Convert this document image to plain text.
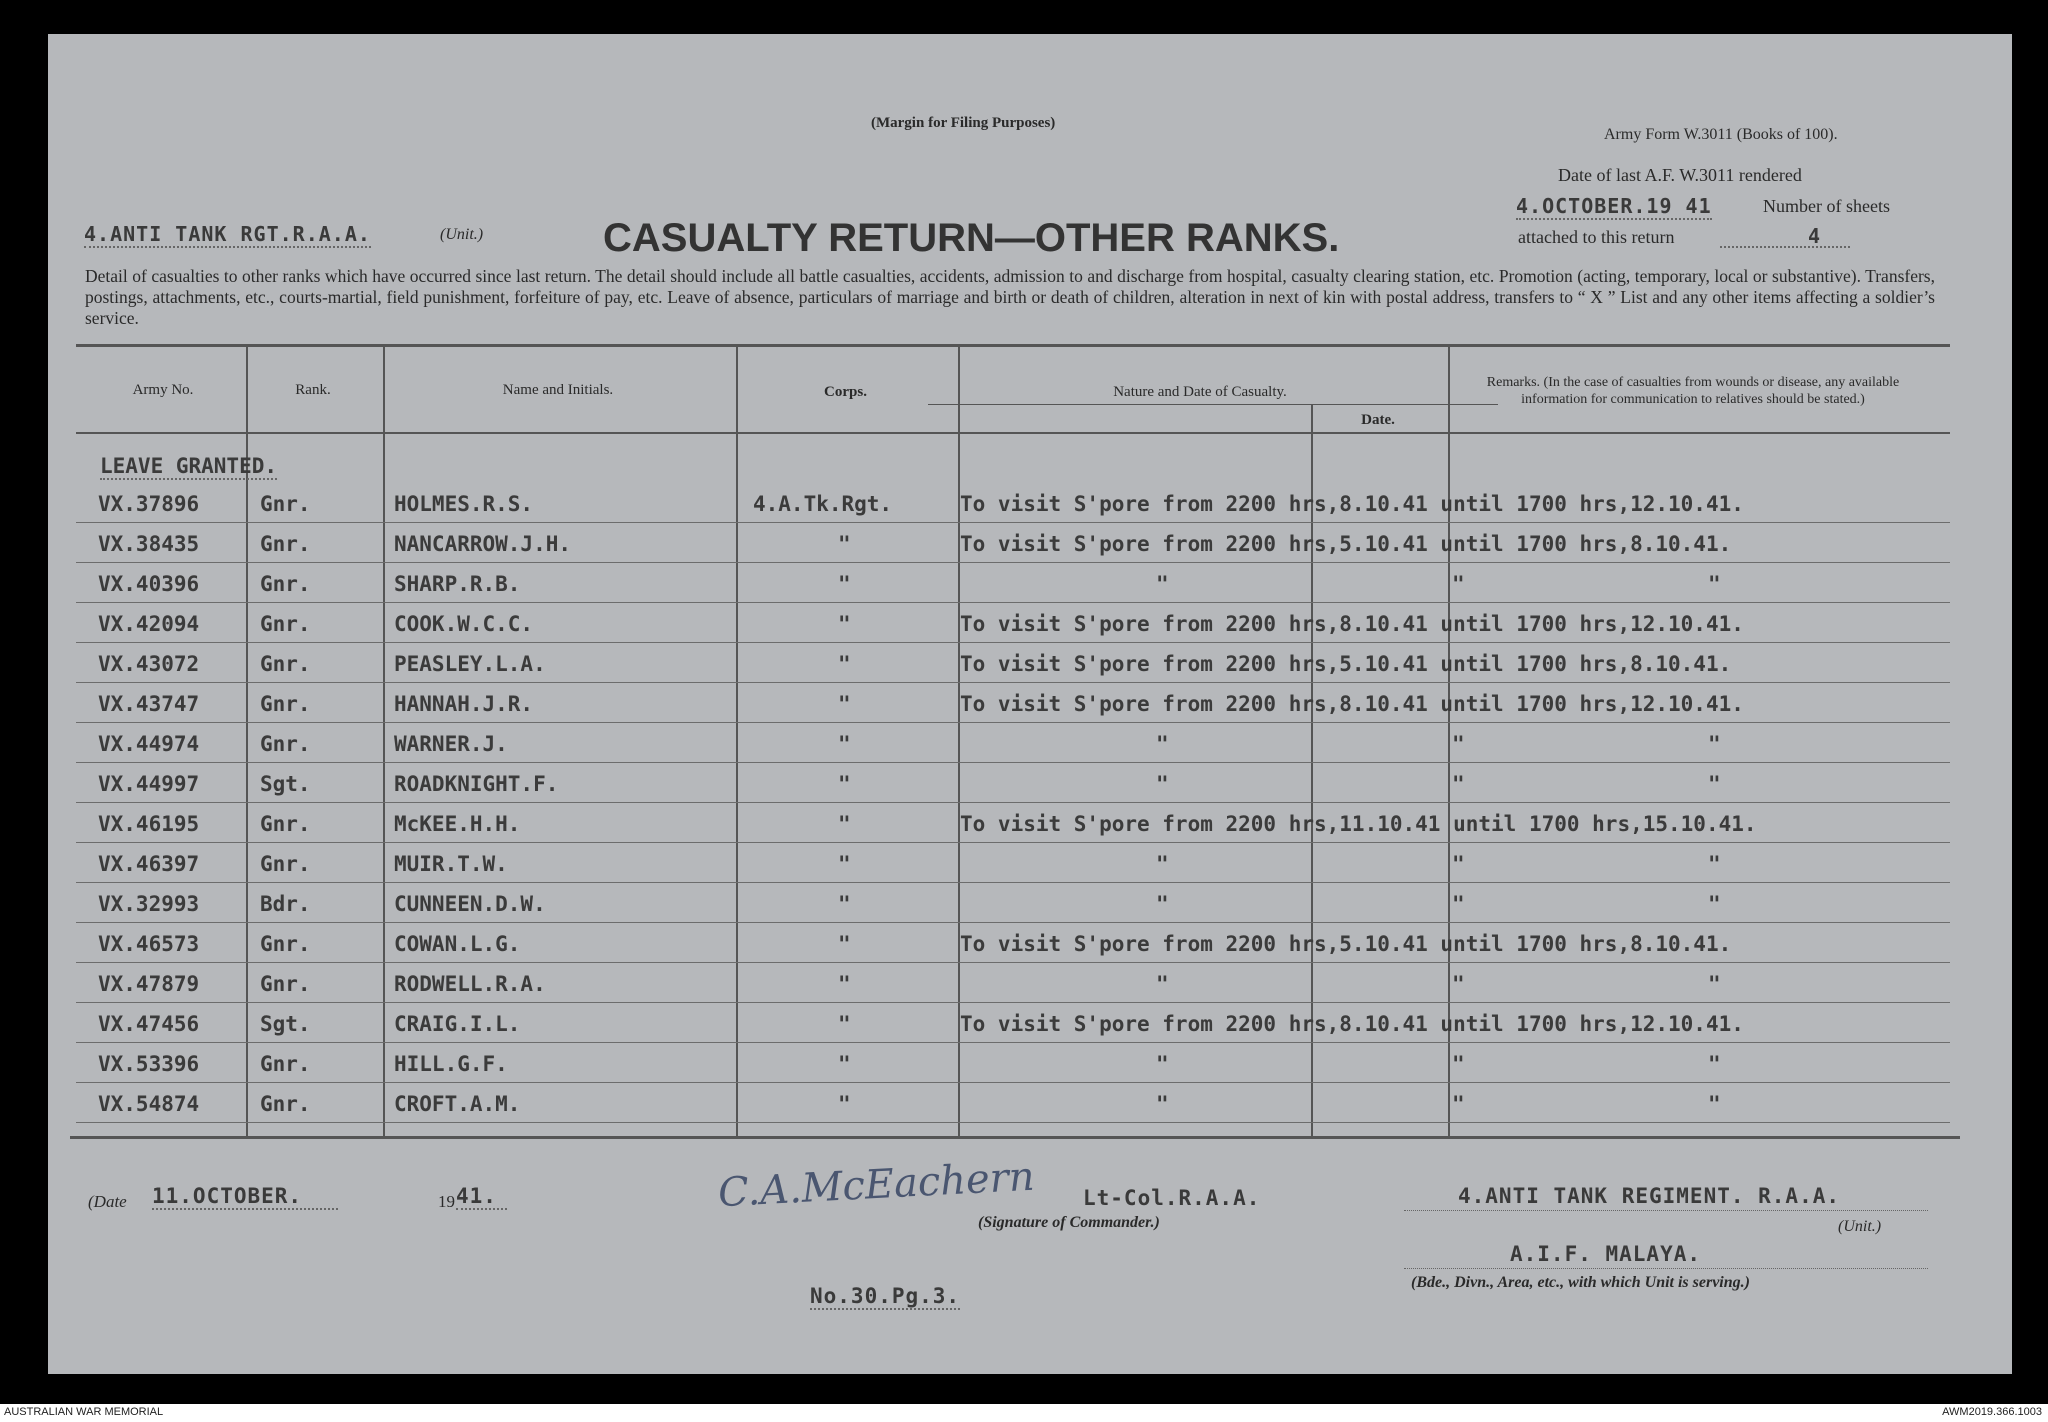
(Margin for Filing Purposes)
Army Form W.3011 (Books of 100).
Date of last A.F. W.3011 rendered
4.OCTOBER.19 41	Number of sheets
attached to this return	4
4.ANTI TANK RGT.R.A.A.	(Unit.)	CASUALTY RETURN—OTHER RANKS.
Detail of casualties to other ranks which have occurred since last return. The detail should include all battle casualties, accidents, admission to and discharge from hospital, casualty clearing station, etc. Promotion (acting, temporary, local or substantive). Transfers, postings, attachments, etc., courts-martial, field punishment, forfeiture of pay, etc. Leave of absence, particulars of marriage and birth or death of children, alteration in next of kin with postal address, transfers to “ X ” List and any other items affecting a soldier’s service.
Army No.	Rank.	Name and Initials.	Corps.	Nature and Date of Casualty.
Date.
Remarks. (In the case of casualties from wounds or disease, any available information for communication to relatives should be stated.)
LEAVE GRANTED.
VX.37896	Gnr.	HOLMES.R.S.	4.A.Tk.Rgt.	To visit S'pore from 2200 hrs,8.10.41 until 1700 hrs,12.10.41.
VX.38435	Gnr.	NANCARROW.J.H.	"	To visit S'pore from 2200 hrs,5.10.41 until 1700 hrs,8.10.41.
VX.40396	Gnr.	SHARP.R.B.	"	"	"	"
VX.42094	Gnr.	COOK.W.C.C.	"	To visit S'pore from 2200 hrs,8.10.41 until 1700 hrs,12.10.41.
VX.43072	Gnr.	PEASLEY.L.A.	"	To visit S'pore from 2200 hrs,5.10.41 until 1700 hrs,8.10.41.
VX.43747	Gnr.	HANNAH.J.R.	"	To visit S'pore from 2200 hrs,8.10.41 until 1700 hrs,12.10.41.
VX.44974	Gnr.	WARNER.J.	"	"	"	"
VX.44997	Sgt.	ROADKNIGHT.F.	"	"	"	"
VX.46195	Gnr.	McKEE.H.H.	"	To visit S'pore from 2200 hrs,11.10.41 until 1700 hrs,15.10.41.
VX.46397	Gnr.	MUIR.T.W.	"	"	"	"
VX.32993	Bdr.	CUNNEEN.D.W.	"	"	"	"
VX.46573	Gnr.	COWAN.L.G.	"	To visit S'pore from 2200 hrs,5.10.41 until 1700 hrs,8.10.41.
VX.47879	Gnr.	RODWELL.R.A.	"	"	"	"
VX.47456	Sgt.	CRAIG.I.L.	"	To visit S'pore from 2200 hrs,8.10.41 until 1700 hrs,12.10.41.
VX.53396	Gnr.	HILL.G.F.	"	"	"	"
VX.54874	Gnr.	CROFT.A.M.	"	"	"	"
(Date 11.OCTOBER.	19 41.	C.A.McEachern Lt-Col.R.A.A.
(Signature of Commander.)
4.ANTI TANK REGIMENT. R.A.A.
(Unit.)
A.I.F. MALAYA.
(Bde., Divn., Area, etc., with which Unit is serving.)
No.30.Pg.3.
AUSTRALIAN WAR MEMORIAL	AWM2019.366.1003
